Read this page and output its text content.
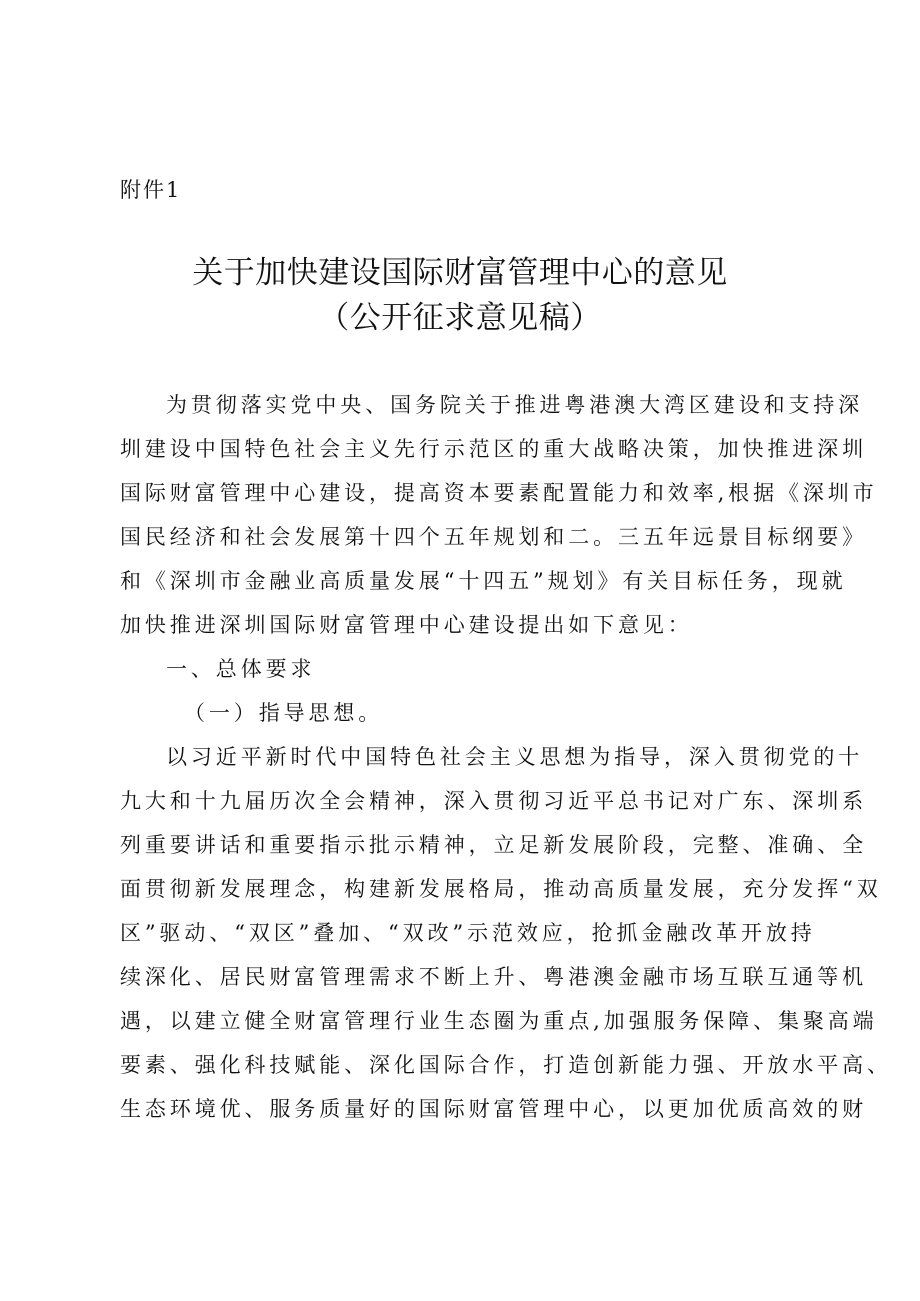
附件1
关于加快建设国际财富管理中心的意见
（公开征求意见稿）

为贯彻落实党中央、国务院关于推进粤港澳大湾区建设和支持深
圳建设中国特色社会主义先行示范区的重大战略决策，加快推进深圳
国际财富管理中心建设，提高资本要素配置能力和效率,根据《深圳市
国民经济和社会发展第十四个五年规划和二。三五年远景目标纲要》
和《深圳市金融业高质量发展“十四五”规划》有关目标任务，现就
加快推进深圳国际财富管理中心建设提出如下意见：

一、总体要求

（一）指导思想。

以习近平新时代中国特色社会主义思想为指导，深入贯彻党的十
九大和十九届历次全会精神，深入贯彻习近平总书记对广东、深圳系
列重要讲话和重要指示批示精神，立足新发展阶段，完整、准确、全
面贯彻新发展理念，构建新发展格局，推动高质量发展，充分发挥“双
区”驱动、“双区”叠加、“双改”示范效应，抢抓金融改革开放持
续深化、居民财富管理需求不断上升、粤港澳金融市场互联互通等机
遇，以建立健全财富管理行业生态圈为重点,加强服务保障、集聚高端
要素、强化科技赋能、深化国际合作，打造创新能力强、开放水平高、
生态环境优、服务质量好的国际财富管理中心，以更加优质高效的财
